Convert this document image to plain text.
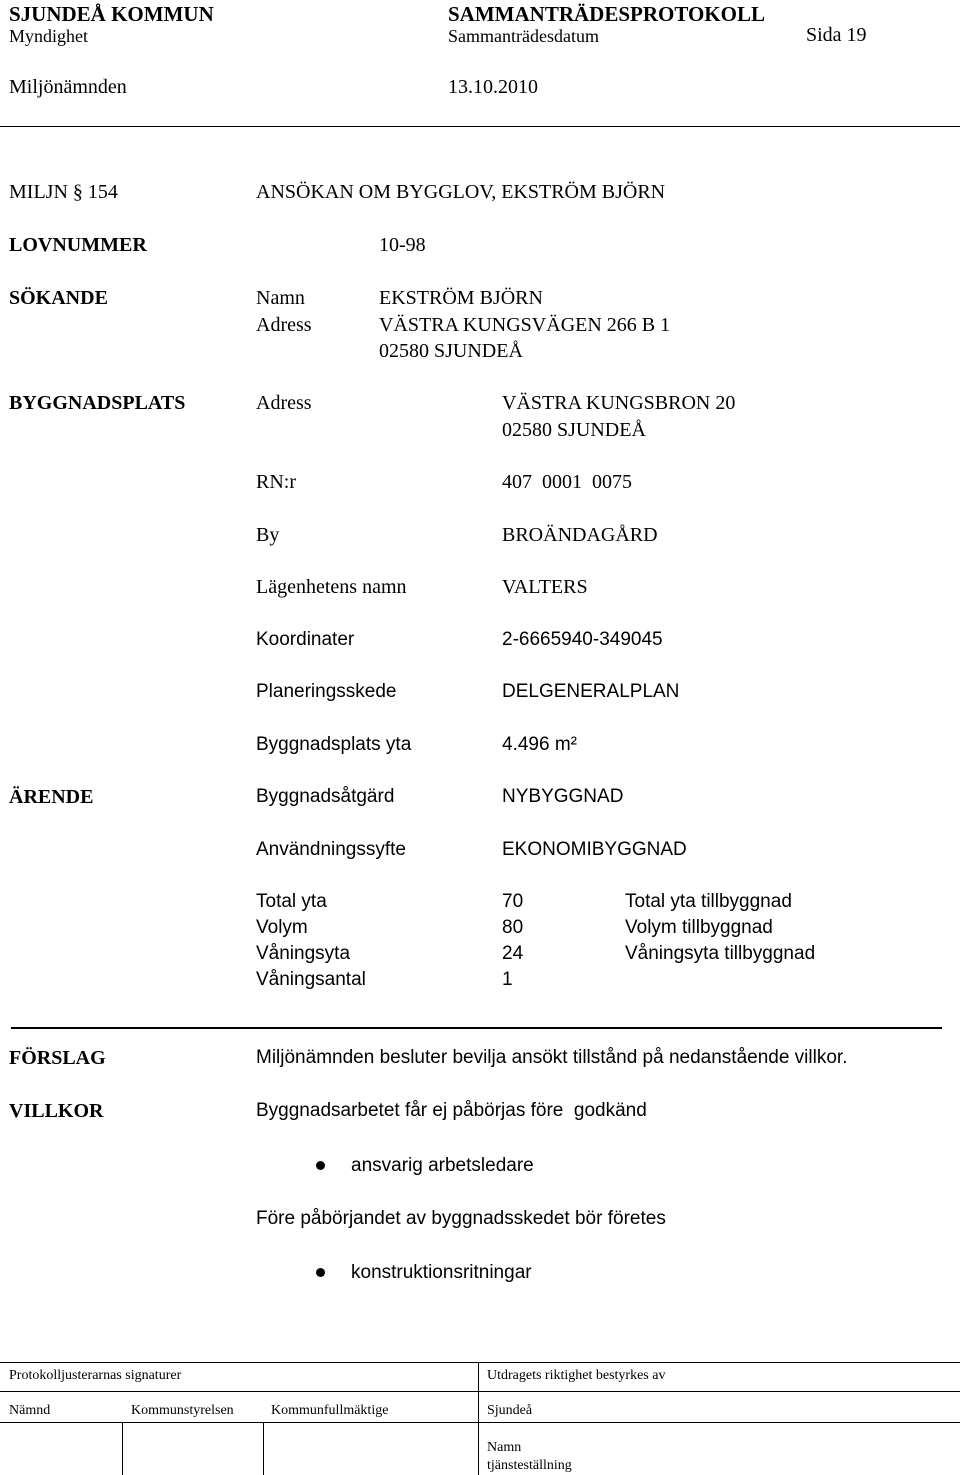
SJUNDEÅ KOMMUN	SAMMANTRÄDESPROTOKOLL
Myndighet	Sammanträdesdatum	Sida 19
Miljönämnden	13.10.2010
MILJN § 154	ANSÖKAN OM BYGGLOV, EKSTRÖM BJÖRN
LOVNUMMER	10-98
SÖKANDE	Namn	EKSTRÖM BJÖRN
Adress	VÄSTRA KUNGSVÄGEN 266 B 1
02580 SJUNDEÅ
BYGGNADSPLATS	Adress	VÄSTRA KUNGSBRON 20
02580 SJUNDEÅ
RN:r	407  0001  0075
By	BROÄNDAGÅRD
Lägenhetens namn	VALTERS
Koordinater	2-6665940-349045
Planeringsskede	DELGENERALPLAN
Byggnadsplats yta	4.496 m²
ÄRENDE	Byggnadsåtgärd	NYBYGGNAD
Användningssyfte	EKONOMIBYGGNAD
Total yta	70	Total yta tillbyggnad
Volym	80	Volym tillbyggnad
Våningsyta	24	Våningsyta tillbyggnad
Våningsantal	1
FÖRSLAG	Miljönämnden besluter bevilja ansökt tillstånd på nedanstående villkor.
VILLKOR	Byggnadsarbetet får ej påbörjas före  godkänd
ansvarig arbetsledare
Före påbörjandet av byggnadsskedet bör företes
konstruktionsritningar
Protokolljusterarnas signaturer	Utdragets riktighet bestyrkes av
Nämnd	Kommunstyrelsen	Kommunfullmäktige	Sjundeå
Namn
tjänsteställning
